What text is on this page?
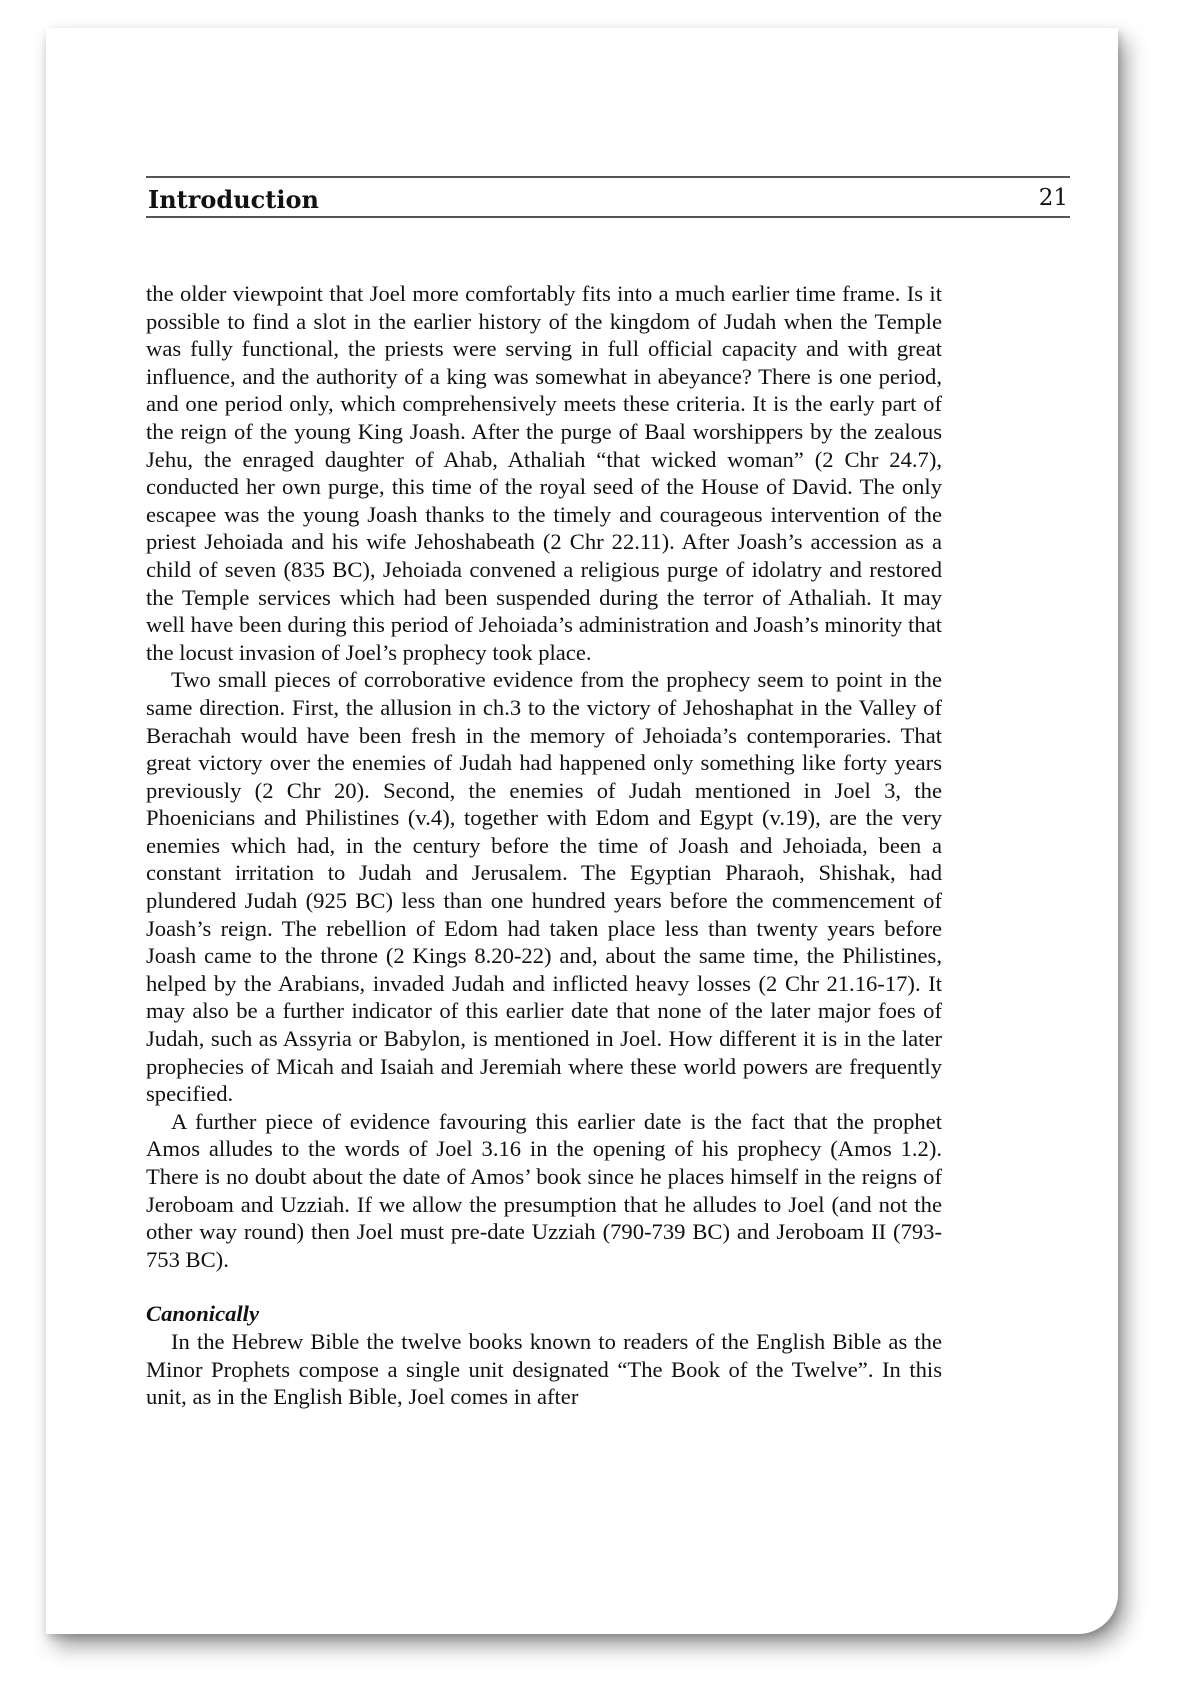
Introduction	21

the older viewpoint that Joel more comfortably fits into a much earlier time frame. Is it possible to find a slot in the earlier history of the kingdom of Judah when the Temple was fully functional, the priests were serving in full official capacity and with great influence, and the authority of a king was somewhat in abeyance? There is one period, and one period only, which comprehensively meets these criteria. It is the early part of the reign of the young King Joash. After the purge of Baal worshippers by the zealous Jehu, the enraged daughter of Ahab, Athaliah “that wicked woman” (2 Chr 24.7), conducted her own purge, this time of the royal seed of the House of David. The only escapee was the young Joash thanks to the timely and courageous intervention of the priest Jehoiada and his wife Jehoshabeath (2 Chr 22.11). After Joash’s accession as a child of seven (835 BC), Jehoiada convened a religious purge of idolatry and restored the Temple services which had been suspended during the terror of Athaliah. It may well have been during this period of Jehoiada’s administration and Joash’s minority that the locust invasion of Joel’s prophecy took place.

Two small pieces of corroborative evidence from the prophecy seem to point in the same direction. First, the allusion in ch.3 to the victory of Jehoshaphat in the Valley of Berachah would have been fresh in the memory of Jehoiada’s contemporaries. That great victory over the enemies of Judah had happened only something like forty years previously (2 Chr 20). Second, the enemies of Judah mentioned in Joel 3, the Phoenicians and Philistines (v.4), together with Edom and Egypt (v.19), are the very enemies which had, in the century before the time of Joash and Jehoiada, been a constant irritation to Judah and Jerusalem. The Egyptian Pharaoh, Shishak, had plundered Judah (925 BC) less than one hundred years before the commencement of Joash’s reign. The rebellion of Edom had taken place less than twenty years before Joash came to the throne (2 Kings 8.20-22) and, about the same time, the Philistines, helped by the Arabians, invaded Judah and inflicted heavy losses (2 Chr 21.16-17). It may also be a further indicator of this earlier date that none of the later major foes of Judah, such as Assyria or Babylon, is mentioned in Joel. How different it is in the later prophecies of Micah and Isaiah and Jeremiah where these world powers are frequently specified.

A further piece of evidence favouring this earlier date is the fact that the prophet Amos alludes to the words of Joel 3.16 in the opening of his prophecy (Amos 1.2). There is no doubt about the date of Amos’ book since he places himself in the reigns of Jeroboam and Uzziah. If we allow the presumption that he alludes to Joel (and not the other way round) then Joel must pre-date Uzziah (790-739 BC) and Jeroboam II (793-753 BC).

Canonically

In the Hebrew Bible the twelve books known to readers of the English Bible as the Minor Prophets compose a single unit designated “The Book of the Twelve”. In this unit, as in the English Bible, Joel comes in after
